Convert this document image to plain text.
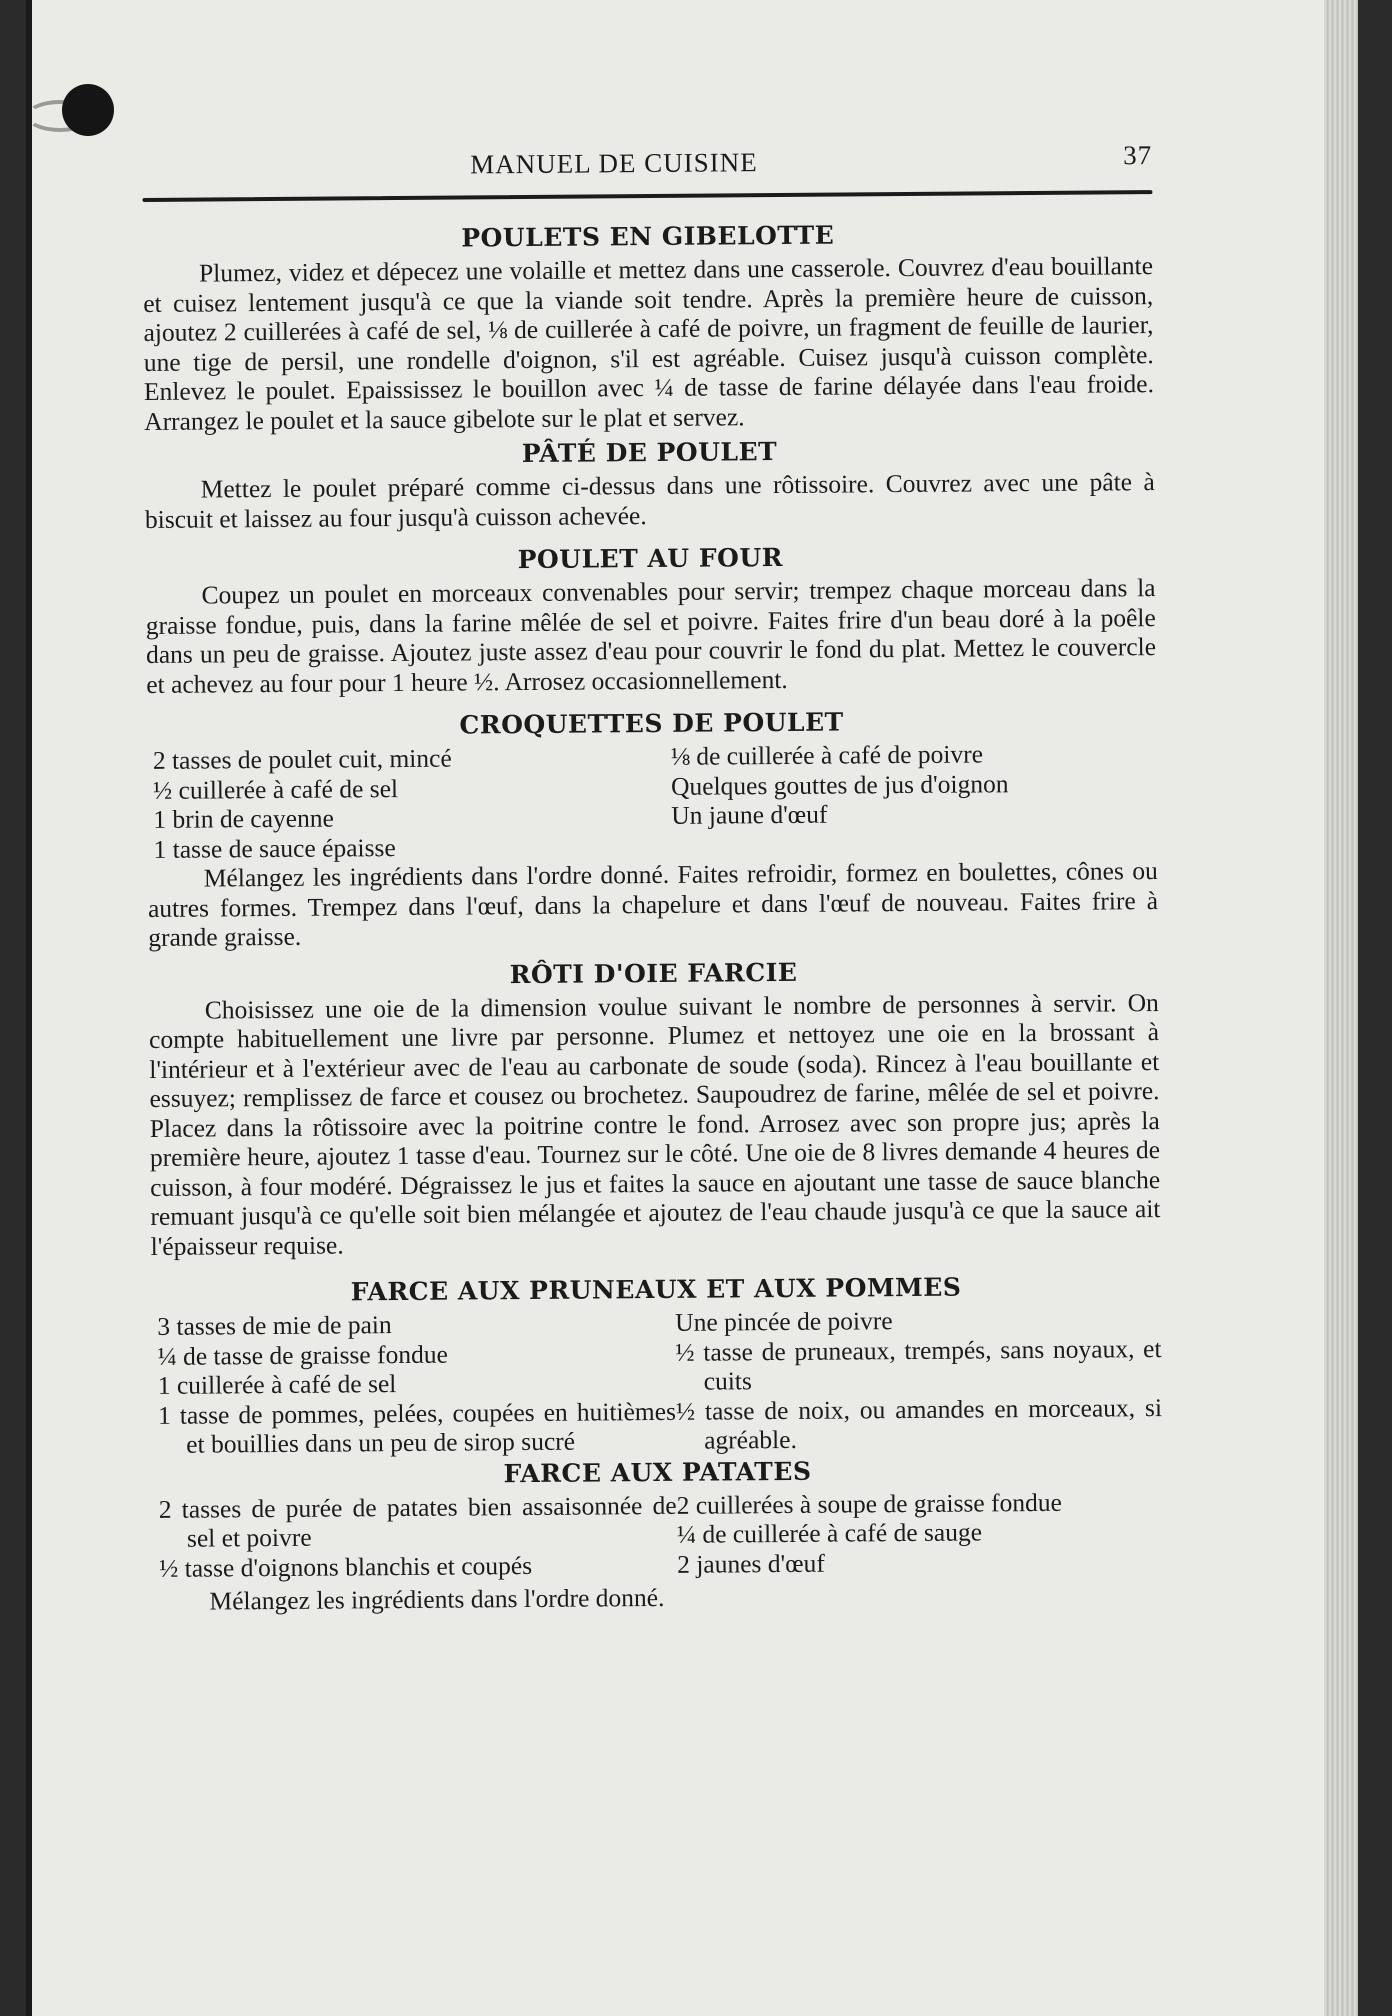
MANUEL DE CUISINE	37
POULETS EN GIBELOTTE

Plumez, videz et dépecez une volaille et mettez dans une casserole. Couvrez d'eau bouillante et cuisez lentement jusqu'à ce que la viande soit tendre. Après la première heure de cuisson, ajoutez 2 cuillerées à café de sel, ⅛ de cuillerée à café de poivre, un fragment de feuille de laurier, une tige de persil, une rondelle d'oignon, s'il est agréable. Cuisez jusqu'à cuisson complète. Enlevez le poulet. Epaississez le bouillon avec ¼ de tasse de farine délayée dans l'eau froide. Arrangez le poulet et la sauce gibelote sur le plat et servez.

PÂTÉ DE POULET

Mettez le poulet préparé comme ci-dessus dans une rôtissoire. Couvrez avec une pâte à biscuit et laissez au four jusqu'à cuisson achevée.

POULET AU FOUR

Coupez un poulet en morceaux convenables pour servir; trempez chaque morceau dans la graisse fondue, puis, dans la farine mêlée de sel et poivre. Faites frire d'un beau doré à la poêle dans un peu de graisse. Ajoutez juste assez d'eau pour couvrir le fond du plat. Mettez le couvercle et achevez au four pour 1 heure ½. Arrosez occasionnellement.

CROQUETTES DE POULET
2 tasses de poulet cuit, mincé
½ cuillerée à café de sel
1 brin de cayenne
1 tasse de sauce épaisse
⅛ de cuillerée à café de poivre
Quelques gouttes de jus d'oignon
Un jaune d'œuf

Mélangez les ingrédients dans l'ordre donné. Faites refroidir, formez en boulettes, cônes ou autres formes. Trempez dans l'œuf, dans la chapelure et dans l'œuf de nouveau. Faites frire à grande graisse.

RÔTI D'OIE FARCIE

Choisissez une oie de la dimension voulue suivant le nombre de personnes à servir. On compte habituellement une livre par personne. Plumez et nettoyez une oie en la brossant à l'intérieur et à l'extérieur avec de l'eau au carbonate de soude (soda). Rincez à l'eau bouillante et essuyez; remplissez de farce et cousez ou brochetez. Saupoudrez de farine, mêlée de sel et poivre. Placez dans la rôtissoire avec la poitrine contre le fond. Arrosez avec son propre jus; après la première heure, ajoutez 1 tasse d'eau. Tournez sur le côté. Une oie de 8 livres demande 4 heures de cuisson, à four modéré. Dégraissez le jus et faites la sauce en ajoutant une tasse de sauce blanche remuant jusqu'à ce qu'elle soit bien mélangée et ajoutez de l'eau chaude jusqu'à ce que la sauce ait l'épaisseur requise.

FARCE AUX PRUNEAUX ET AUX POMMES
3 tasses de mie de pain
¼ de tasse de graisse fondue
1 cuillerée à café de sel
1 tasse de pommes, pelées, coupées en huitièmes et bouillies dans un peu de sirop sucré
Une pincée de poivre
½ tasse de pruneaux, trempés, sans noyaux, et cuits
½ tasse de noix, ou amandes en morceaux, si agréable.
FARCE AUX PATATES
2 tasses de purée de patates bien assaisonnée de sel et poivre
½ tasse d'oignons blanchis et coupés
2 cuillerées à soupe de graisse fondue
¼ de cuillerée à café de sauge
2 jaunes d'œuf

Mélangez les ingrédients dans l'ordre donné.
